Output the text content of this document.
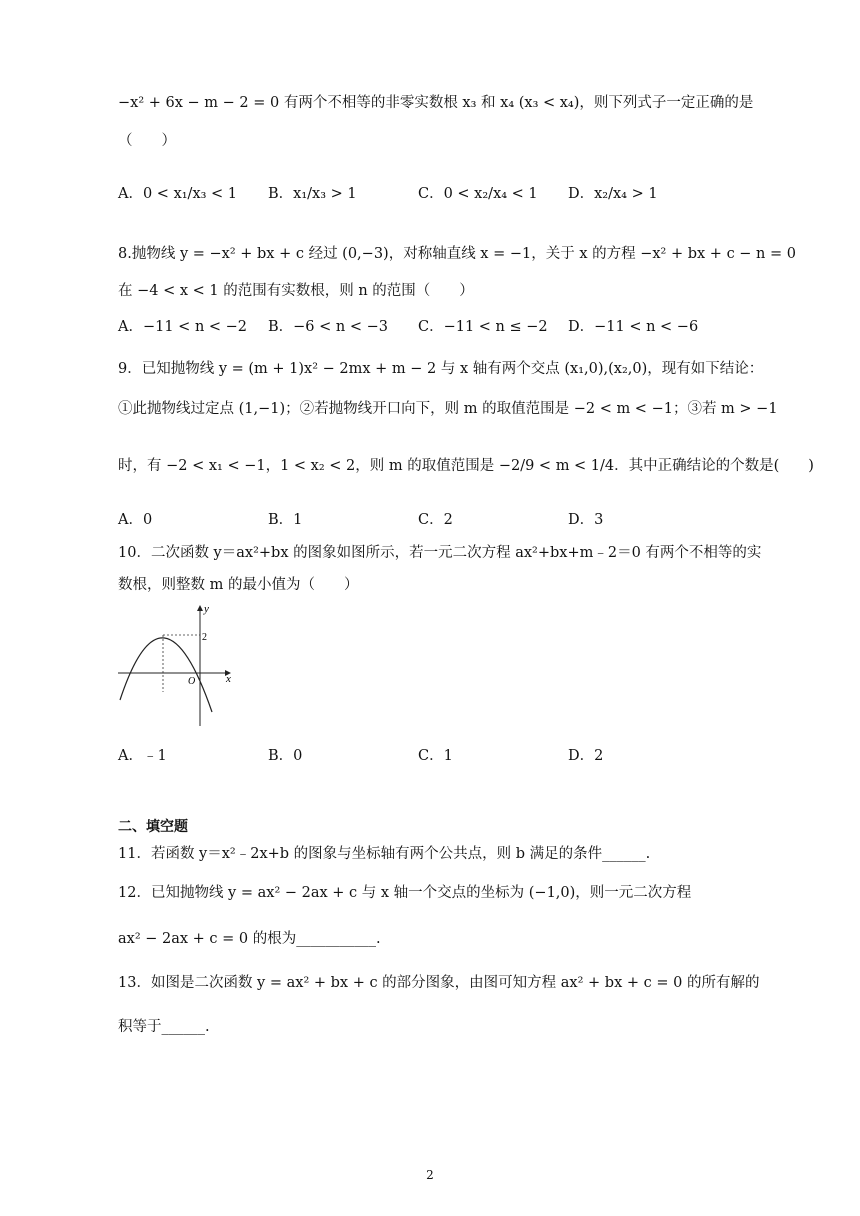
−x² + 6x − m − 2 = 0 有两个不相等的非零实数根 x₃ 和 x₄ (x₃ < x₄)，则下列式子一定正确的是
（　　）
A．0 < x₁/x₃ < 1 B．x₁/x₃ > 1	C．0 < x₂/x₄ < 1 D．x₂/x₄ > 1
8.抛物线 y = −x² + bx + c 经过 (0,−3)，对称轴直线 x = −1，关于 x 的方程 −x² + bx + c − n = 0
在 −4 < x < 1 的范围有实数根，则 n 的范围（　　）
A．−11 < n < −2 B．−6 < n < −3 C．−11 < n ≤ −2 D．−11 < n < −6
9．已知抛物线 y = (m + 1)x² − 2mx + m − 2 与 x 轴有两个交点 (x₁,0),(x₂,0)，现有如下结论：
①此抛物线过定点 (1,−1)；②若抛物线开口向下，则 m 的取值范围是 −2 < m < −1；③若 m > −1
时，有 −2 < x₁ < −1，1 < x₂ < 2，则 m 的取值范围是 −2/9 < m < 1/4．其中正确结论的个数是(　　)
A．0	B．1	C．2	D．3
10．二次函数 y＝ax²+bx 的图象如图所示，若一元二次方程 ax²+bx+m﹣2＝0 有两个不相等的实
数根，则整数 m 的最小值为（　　）
y
x
O
2
A．﹣1	B．0	C．1	D．2
二、填空题
11．若函数 y＝x²﹣2x+b 的图象与坐标轴有两个公共点，则 b 满足的条件______.
12．已知抛物线 y = ax² − 2ax + c 与 x 轴一个交点的坐标为 (−1,0)，则一元二次方程
ax² − 2ax + c = 0 的根为___________.
13．如图是二次函数 y = ax² + bx + c 的部分图象，由图可知方程 ax² + bx + c = 0 的所有解的
积等于______.
2
